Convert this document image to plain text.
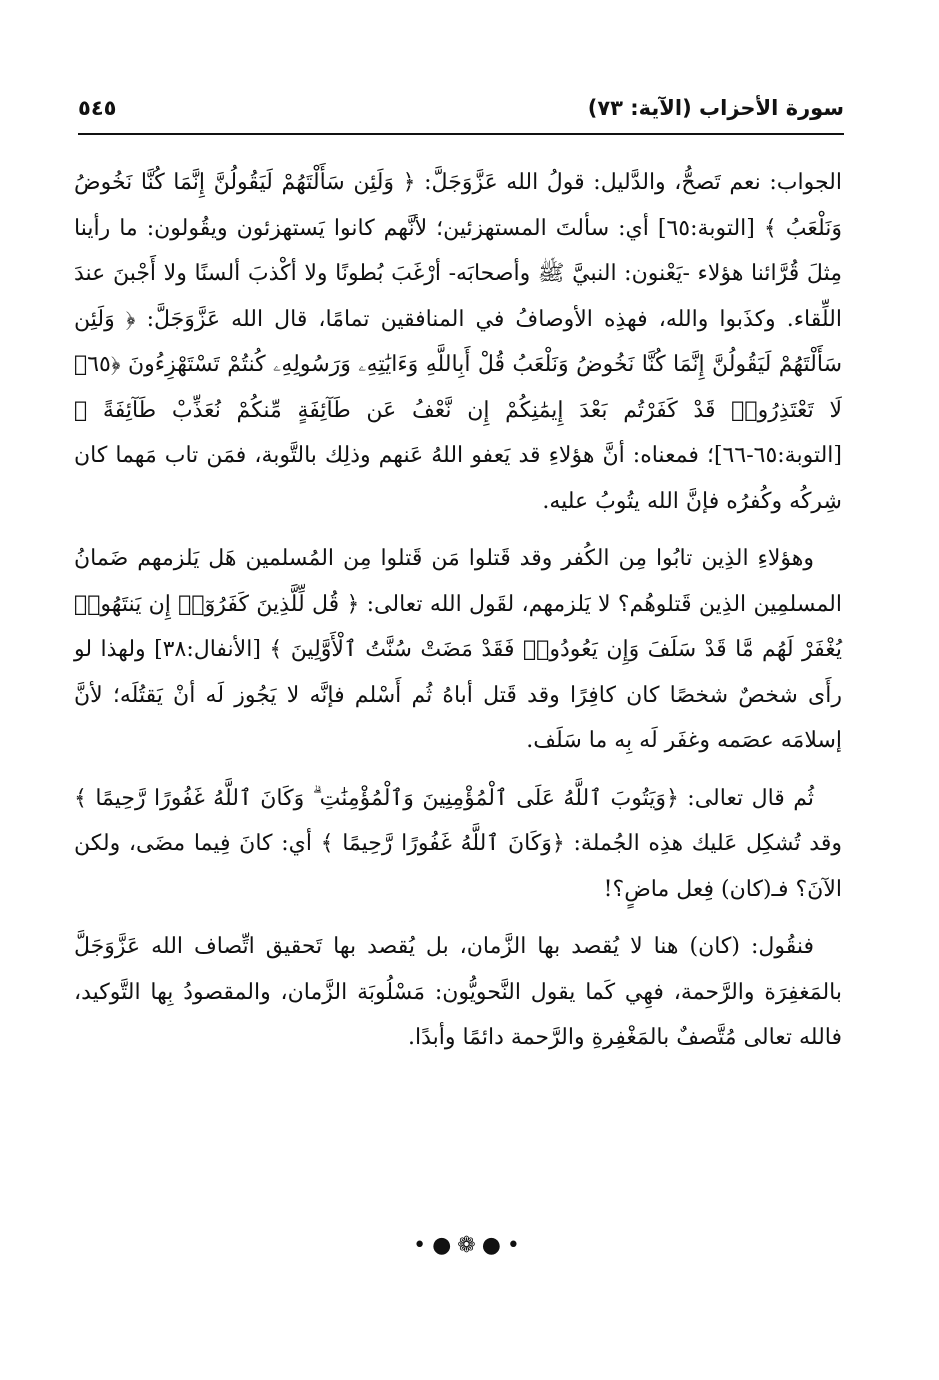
سورة الأحزاب (الآية: ٧٣)
٥٤٥

الجواب: نعم تَصحُّ، والدَّليل: قولُ الله عَزَّوَجَلَّ: ﴿ وَلَئِن سَأَلْتَهُمْ لَيَقُولُنَّ إِنَّمَا كُنَّا نَخُوضُ وَنَلْعَبُ ﴾ [التوبة:٦٥] أي: سألتَ المستهزئين؛ لأنَّهم كانوا يَستهزئون ويقُولون: ما رأينا مِثلَ قُرَّائنا هؤلاء -يَعْنون: النبيَّ ﷺ وأصحابَه- أرْغَبَ بُطونًا ولا أكْذبَ ألسنًا ولا أَجْبنَ عندَ اللِّقاء. وكذَبوا والله، فهذِه الأوصافُ في المنافقين تمامًا، قال الله عَزَّوَجَلَّ: ﴿ وَلَئِن سَأَلْتَهُمْ لَيَقُولُنَّ إِنَّمَا كُنَّا نَخُوضُ وَنَلْعَبُ قُلْ أَبِاللَّهِ وَءَايَٰتِهِۦ وَرَسُولِهِۦ كُنتُمْ تَسْتَهْزِءُونَ ﴿٦٥﴾ لَا تَعْتَذِرُوا۟ قَدْ كَفَرْتُم بَعْدَ إِيمَٰنِكُمْ إِن نَّعْفُ عَن طَآئِفَةٍ مِّنكُمْ نُعَذِّبْ طَآئِفَةً ﴾ [التوبة:٦٥-٦٦]؛ فمعناه: أنَّ هؤلاءِ قد يَعفو اللهُ عَنهم وذلِك بالتَّوبة، فمَن تاب مَهما كان شِركُه وكُفرُه فإنَّ الله يتُوبُ عليه.

وهؤلاءِ الذِين تابُوا مِن الكُفر وقد قَتلوا مَن قَتلوا مِن المُسلمين هَل يَلزمهم ضَمانُ المسلمِين الذِين قَتلوهُم؟ لا يَلزمهم، لقَول الله تعالى: ﴿ قُل لِّلَّذِينَ كَفَرُوٓا۟ إِن يَنتَهُوا۟ يُغْفَرْ لَهُم مَّا قَدْ سَلَفَ وَإِن يَعُودُوا۟ فَقَدْ مَضَتْ سُنَّتُ ٱلْأَوَّلِينَ ﴾ [الأنفال:٣٨] ولهذا لو رأَى شخصٌ شخصًا كان كافِرًا وقد قَتل أباهُ ثُم أَسْلم فإنَّه لا يَجُوز لَه أنْ يَقتُلَه؛ لأنَّ إسلامَه عصَمه وغفَر لَه بِه ما سَلَف.

ثُم قال تعالى: ﴿وَيَتُوبَ ٱللَّهُ عَلَى ٱلْمُؤْمِنِينَ وَٱلْمُؤْمِنَٰتِ ۗ وَكَانَ ٱللَّهُ غَفُورًا رَّحِيمًا ﴾ وقد تُشكِل عَليك هذِه الجُملة: ﴿وَكَانَ ٱللَّهُ غَفُورًا رَّحِيمًا ﴾ أي: كانَ فِيما مضَى، ولكن الآنَ؟ فـ(كان) فِعل ماضٍ؟!

فنقُول: (كان) هنا لا يُقصد بها الزَّمان، بل يُقصد بها تَحقيق اتِّصاف الله عَزَّوَجَلَّ بالمَغفِرَة والرَّحمة، فهِي كَما يقول النَّحويُّون: مَسْلُوبَة الزَّمان، والمقصودُ بِها التَّوكيد، فالله تعالى مُتَّصفٌ بالمَغْفِرةِ والرَّحمة دائمًا وأبدًا.

•●❁●•
